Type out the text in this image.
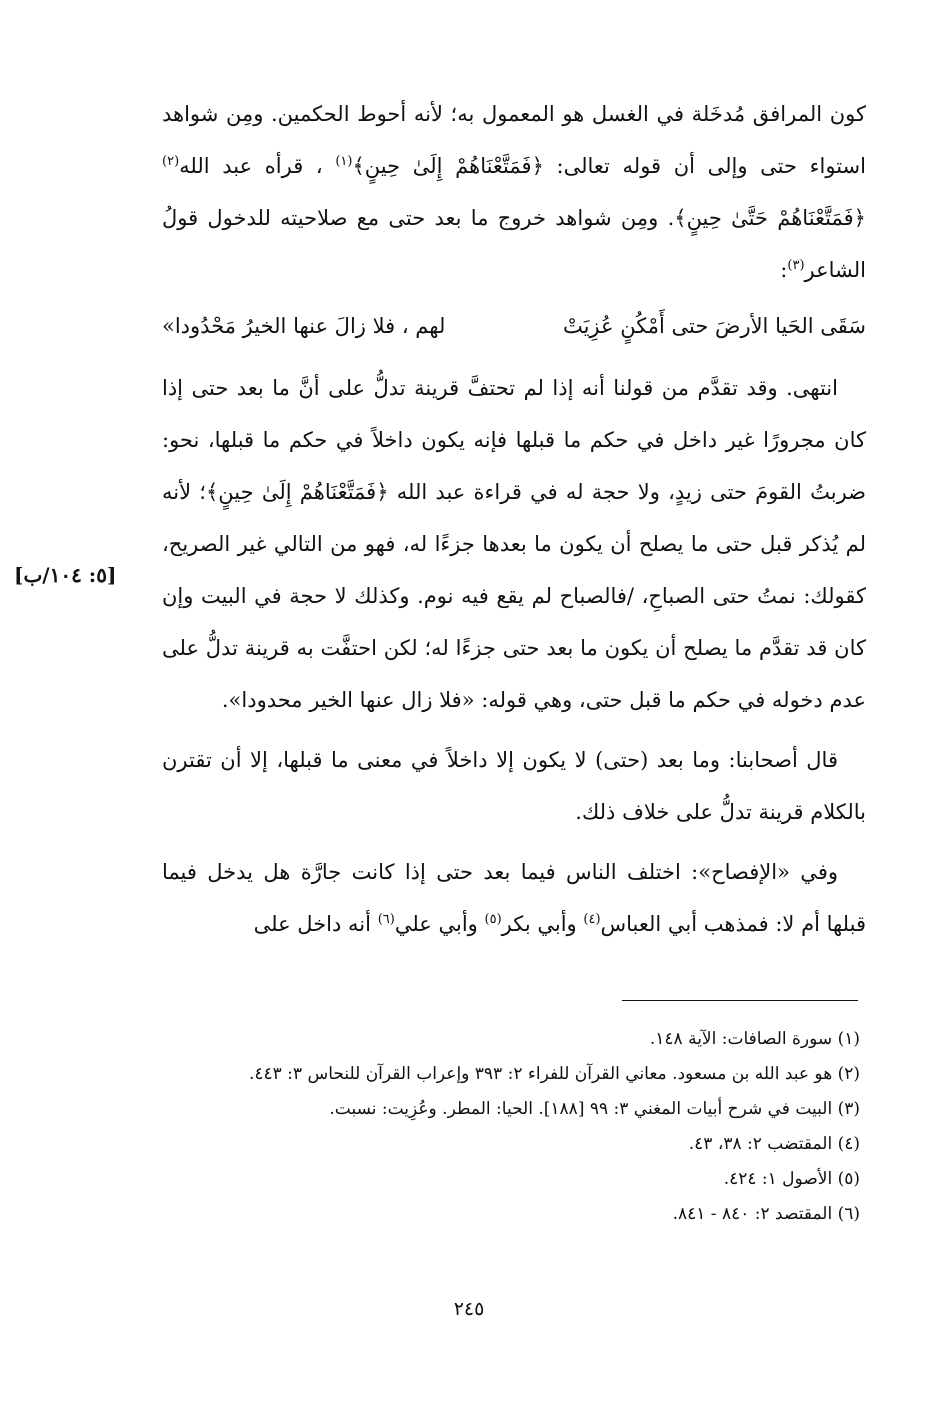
كون المرافق مُدخَلة في الغسل هو المعمول به؛ لأنه أحوط الحكمين. ومِن شواهد استواء حتى وإلى أن قوله تعالى: ﴿فَمَتَّعْنَاهُمْ إِلَىٰ حِينٍ﴾$^{(١)}$ ، قرأه عبد الله$^{(٢)}$ ﴿فَمَتَّعْنَاهُمْ حَتَّىٰ حِينٍ﴾. ومِن شواهد خروج ما بعد حتى مع صلاحيته للدخول قولُ الشاعر$^{(٣)}$:

سَقَى الحَيا الأرضَ حتى أَمْكُنٍ عُزِيَتْ
لهم ، فلا زالَ عنها الخيرُ مَحْدُودا»

انتهى. وقد تقدَّم من قولنا أنه إذا لم تحتفَّ قرينة تدلُّ على أنَّ ما بعد حتى إذا كان مجرورًا غير داخل في حكم ما قبلها فإنه يكون داخلاً في حكم ما قبلها، نحو: ضربتُ القومَ حتى زيدٍ، ولا حجة له في قراءة عبد الله ﴿فَمَتَّعْنَاهُمْ إِلَىٰ حِينٍ﴾؛ لأنه لم يُذكر قبل حتى ما يصلح أن يكون ما بعدها جزءًا له، فهو من التالي غير الصريح، كقولك: نمتُ حتى الصباحِ، /فالصباح لم يقع فيه نوم. وكذلك لا حجة في البيت وإن كان قد تقدَّم ما يصلح أن يكون ما بعد حتى جزءًا له؛ لكن احتفَّت به قرينة تدلُّ على عدم دخوله في حكم ما قبل حتى، وهي قوله: «فلا زال عنها الخير محدودا».

قال أصحابنا: وما بعد (حتى) لا يكون إلا داخلاً في معنى ما قبلها، إلا أن تقترن بالكلام قرينة تدلُّ على خلاف ذلك.

وفي «الإفصاح»: اختلف الناس فيما بعد حتى إذا كانت جارَّة هل يدخل فيما قبلها أم لا: فمذهب أبي العباس$^{(٤)}$ وأبي بكر$^{(٥)}$ وأبي علي$^{(٦)}$ أنه داخل على

[٥: ١٠٤/ب]
(١) سورة الصافات: الآية ١٤٨.
(٢) هو عبد الله بن مسعود. معاني القرآن للفراء ٢: ٣٩٣ وإعراب القرآن للنحاس ٣: ٤٤٣.
(٣) البيت في شرح أبيات المغني ٣: ٩٩ [١٨٨]. الحيا: المطر. وعُزِيت: نسبت.
(٤) المقتضب ٢: ٣٨، ٤٣.
(٥) الأصول ١: ٤٢٤.
(٦) المقتصد ٢: ٨٤٠ - ٨٤١.
٢٤٥
